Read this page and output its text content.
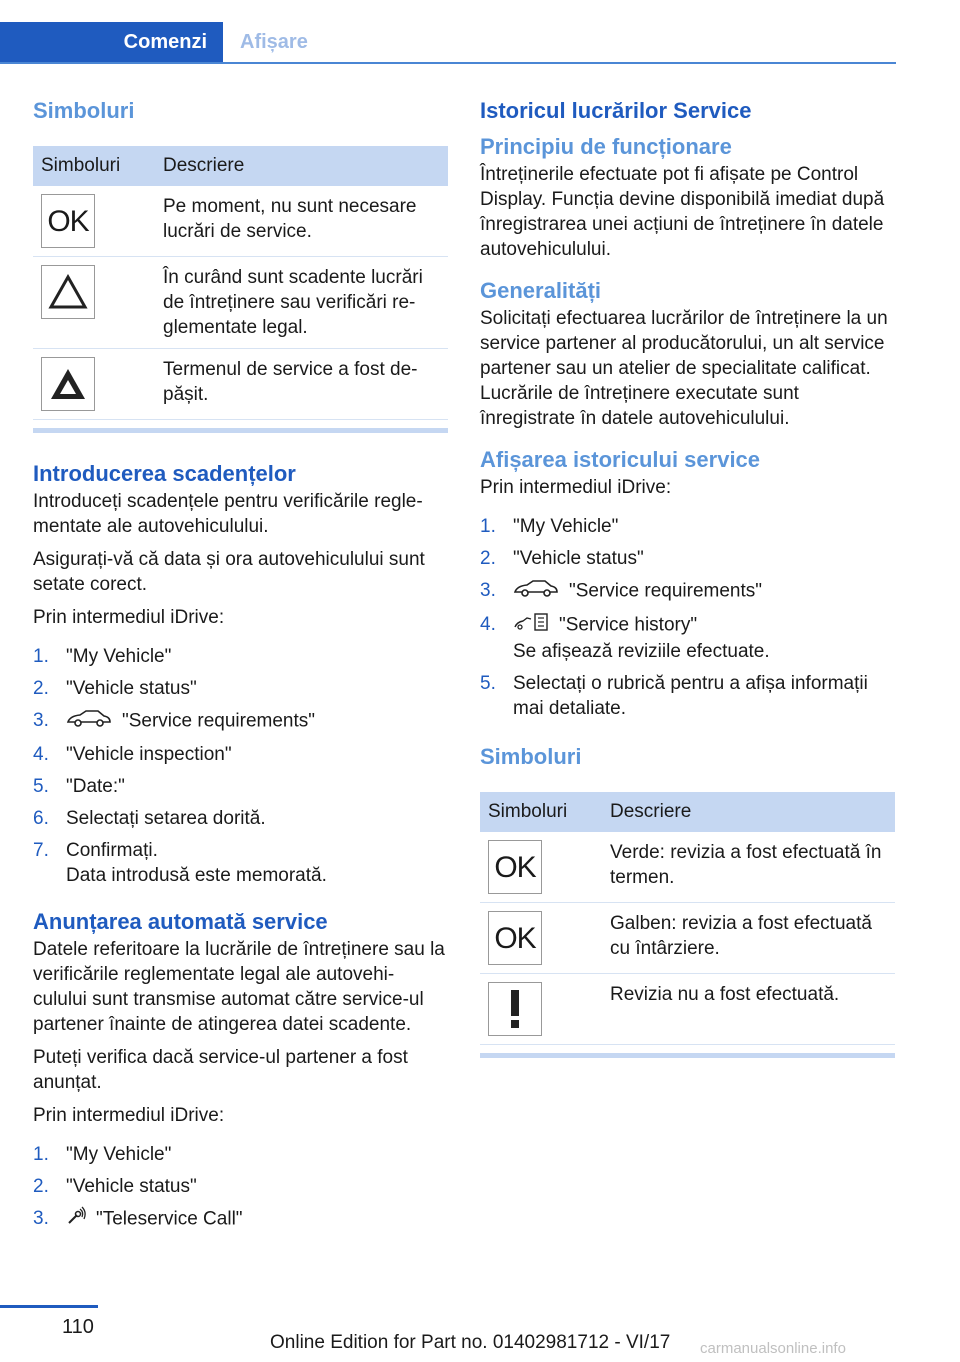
Comenzi	Afișare
Simboluri
Simboluri	Descriere

OK	Pe moment, nu sunt necesare lucrări de service.

	În curând sunt scadente lucrări de întreținere sau verificări re-glementate legal.

	Termenul de service a fost de-pășit.
Introducerea scadențelor

Introduceți scadențele pentru verificările regle-mentate ale autovehiculului.

Asigurați-vă că data și ora autovehiculului sunt setate corect.

Prin intermediul iDrive:

1. "My Vehicle"
2. "Vehicle status"
3.	"Service requirements"
4. "Vehicle inspection"
5. "Date:"
6. Selectați setarea dorită.
7. Confirmați.
Data introdusă este memorată.
Anunțarea automată service

Datele referitoare la lucrările de întreținere sau la verificările reglementate legal ale autovehi-culului sunt transmise automat către service-ul partener înainte de atingerea datei scadente.

Puteți verifica dacă service-ul partener a fost anunțat.

Prin intermediul iDrive:

1. "My Vehicle"
2. "Vehicle status"
3. "Teleservice Call"
Istoricul lucrărilor Service
Principiu de funcționare

Întreținerile efectuate pot fi afișate pe Control Display. Funcția devine disponibilă imediat după înregistrarea unei acțiuni de întreținere în datele autovehiculului.

Generalități

Solicitați efectuarea lucrărilor de întreținere la un service partener al producătorului, un alt service partener sau un atelier de specialitate calificat. Lucrările de întreținere executate sunt înregistrate în datele autovehiculului.

Afișarea istoricului service

Prin intermediul iDrive:

1. "My Vehicle"
2. "Vehicle status"
3.	"Service requirements"
4.	"Service history"
Se afișează reviziile efectuate.
5. Selectați o rubrică pentru a afișa informații mai detaliate.
Simboluri
Simboluri	Descriere

OK	Verde: revizia a fost efectuată în termen.

OK	Galben: revizia a fost efectuată cu întârziere.

	Revizia nu a fost efectuată.
110
Online Edition for Part no. 01402981712 - VI/17 carmanualsonline.info
